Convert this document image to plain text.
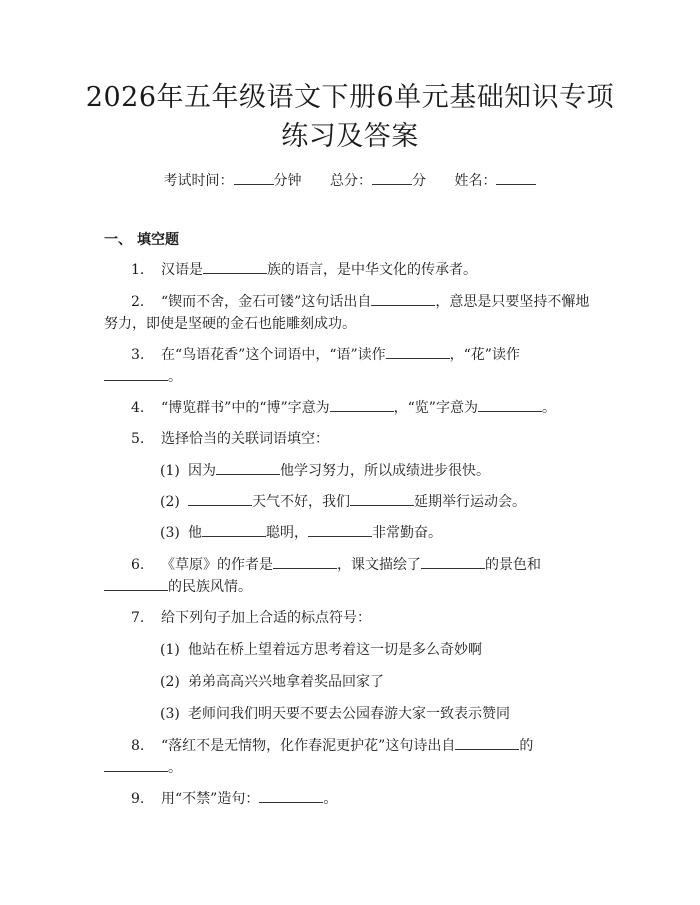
2026年五年级语文下册6单元基础知识专项
练习及答案
考试时间：	分钟 总分：	分 姓名：
一、 填空题
1. 汉语是	族的语言，是中华文化的传承者。
2. “锲而不舍，金石可镂”这句话出自	，意思是只要坚持不懈地
努力，即使是坚硬的金石也能雕刻成功。
3. 在“鸟语花香”这个词语中，“语”读作	，“花”读作
。
4. “博览群书”中的“博”字意为	，“览”字意为	。
5. 选择恰当的关联词语填空：
(1) 因为	他学习努力，所以成绩进步很快。
(2)	天气不好，我们	延期举行运动会。
(3) 他	聪明，	非常勤奋。
6. 《草原》的作者是	，课文描绘了	的景色和
的民族风情。
7. 给下列句子加上合适的标点符号：
(1) 他站在桥上望着远方思考着这一切是多么奇妙啊
(2) 弟弟高高兴兴地拿着奖品回家了
(3) 老师问我们明天要不要去公园春游大家一致表示赞同
8. “落红不是无情物，化作春泥更护花”这句诗出自	的
。
9. 用“不禁”造句：	。
